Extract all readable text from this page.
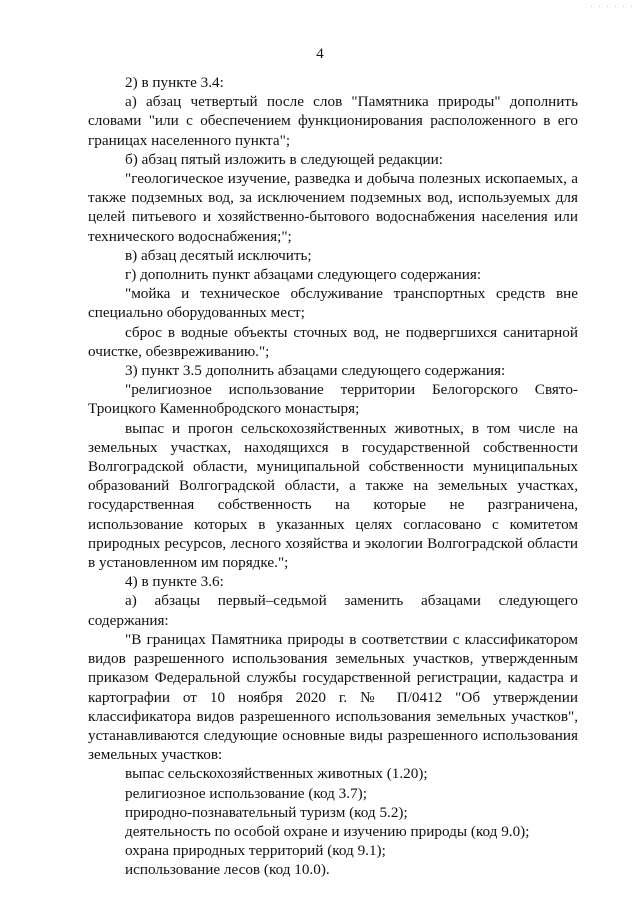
· · · · · ·
4

2) в пункте 3.4:

а) абзац четвертый после слов "Памятника природы" дополнить словами "или с обеспечением функционирования расположенного в его границах населенного пункта";

б) абзац пятый изложить в следующей редакции:

"геологическое изучение, разведка и добыча полезных ископаемых, а также подземных вод, за исключением подземных вод, используемых для целей питьевого и хозяйственно-бытового водоснабжения населения или технического водоснабжения;";

в) абзац десятый исключить;

г) дополнить пункт абзацами следующего содержания:

"мойка и техническое обслуживание транспортных средств вне специально оборудованных мест;

сброс в водные объекты сточных вод, не подвергшихся санитарной очистке, обезвреживанию.";

3) пункт 3.5 дополнить абзацами следующего содержания:

"религиозное использование территории Белогорского Свято-Троицкого Каменнобродского монастыря;

выпас и прогон сельскохозяйственных животных, в том числе на земельных участках, находящихся в государственной собственности Волгоградской области, муниципальной собственности муниципальных образований Волгоградской области, а также на земельных участках, государственная собственность на которые не разграничена, использование которых в указанных целях согласовано с комитетом природных ресурсов, лесного хозяйства и экологии Волгоградской области в установленном им порядке.";

4) в пункте 3.6:

а) абзацы первый–седьмой заменить абзацами следующего содержания:

"В границах Памятника природы в соответствии с классификатором видов разрешенного использования земельных участков, утвержденным приказом Федеральной службы государственной регистрации, кадастра и картографии от 10 ноября 2020 г. № П/0412 "Об утверждении классификатора видов разрешенного использования земельных участков", устанавливаются следующие основные виды разрешенного использования земельных участков:

выпас сельскохозяйственных животных (1.20);

религиозное использование (код 3.7);

природно-познавательный туризм (код 5.2);

деятельность по особой охране и изучению природы (код 9.0);

охрана природных территорий (код 9.1);

использование лесов (код 10.0).
